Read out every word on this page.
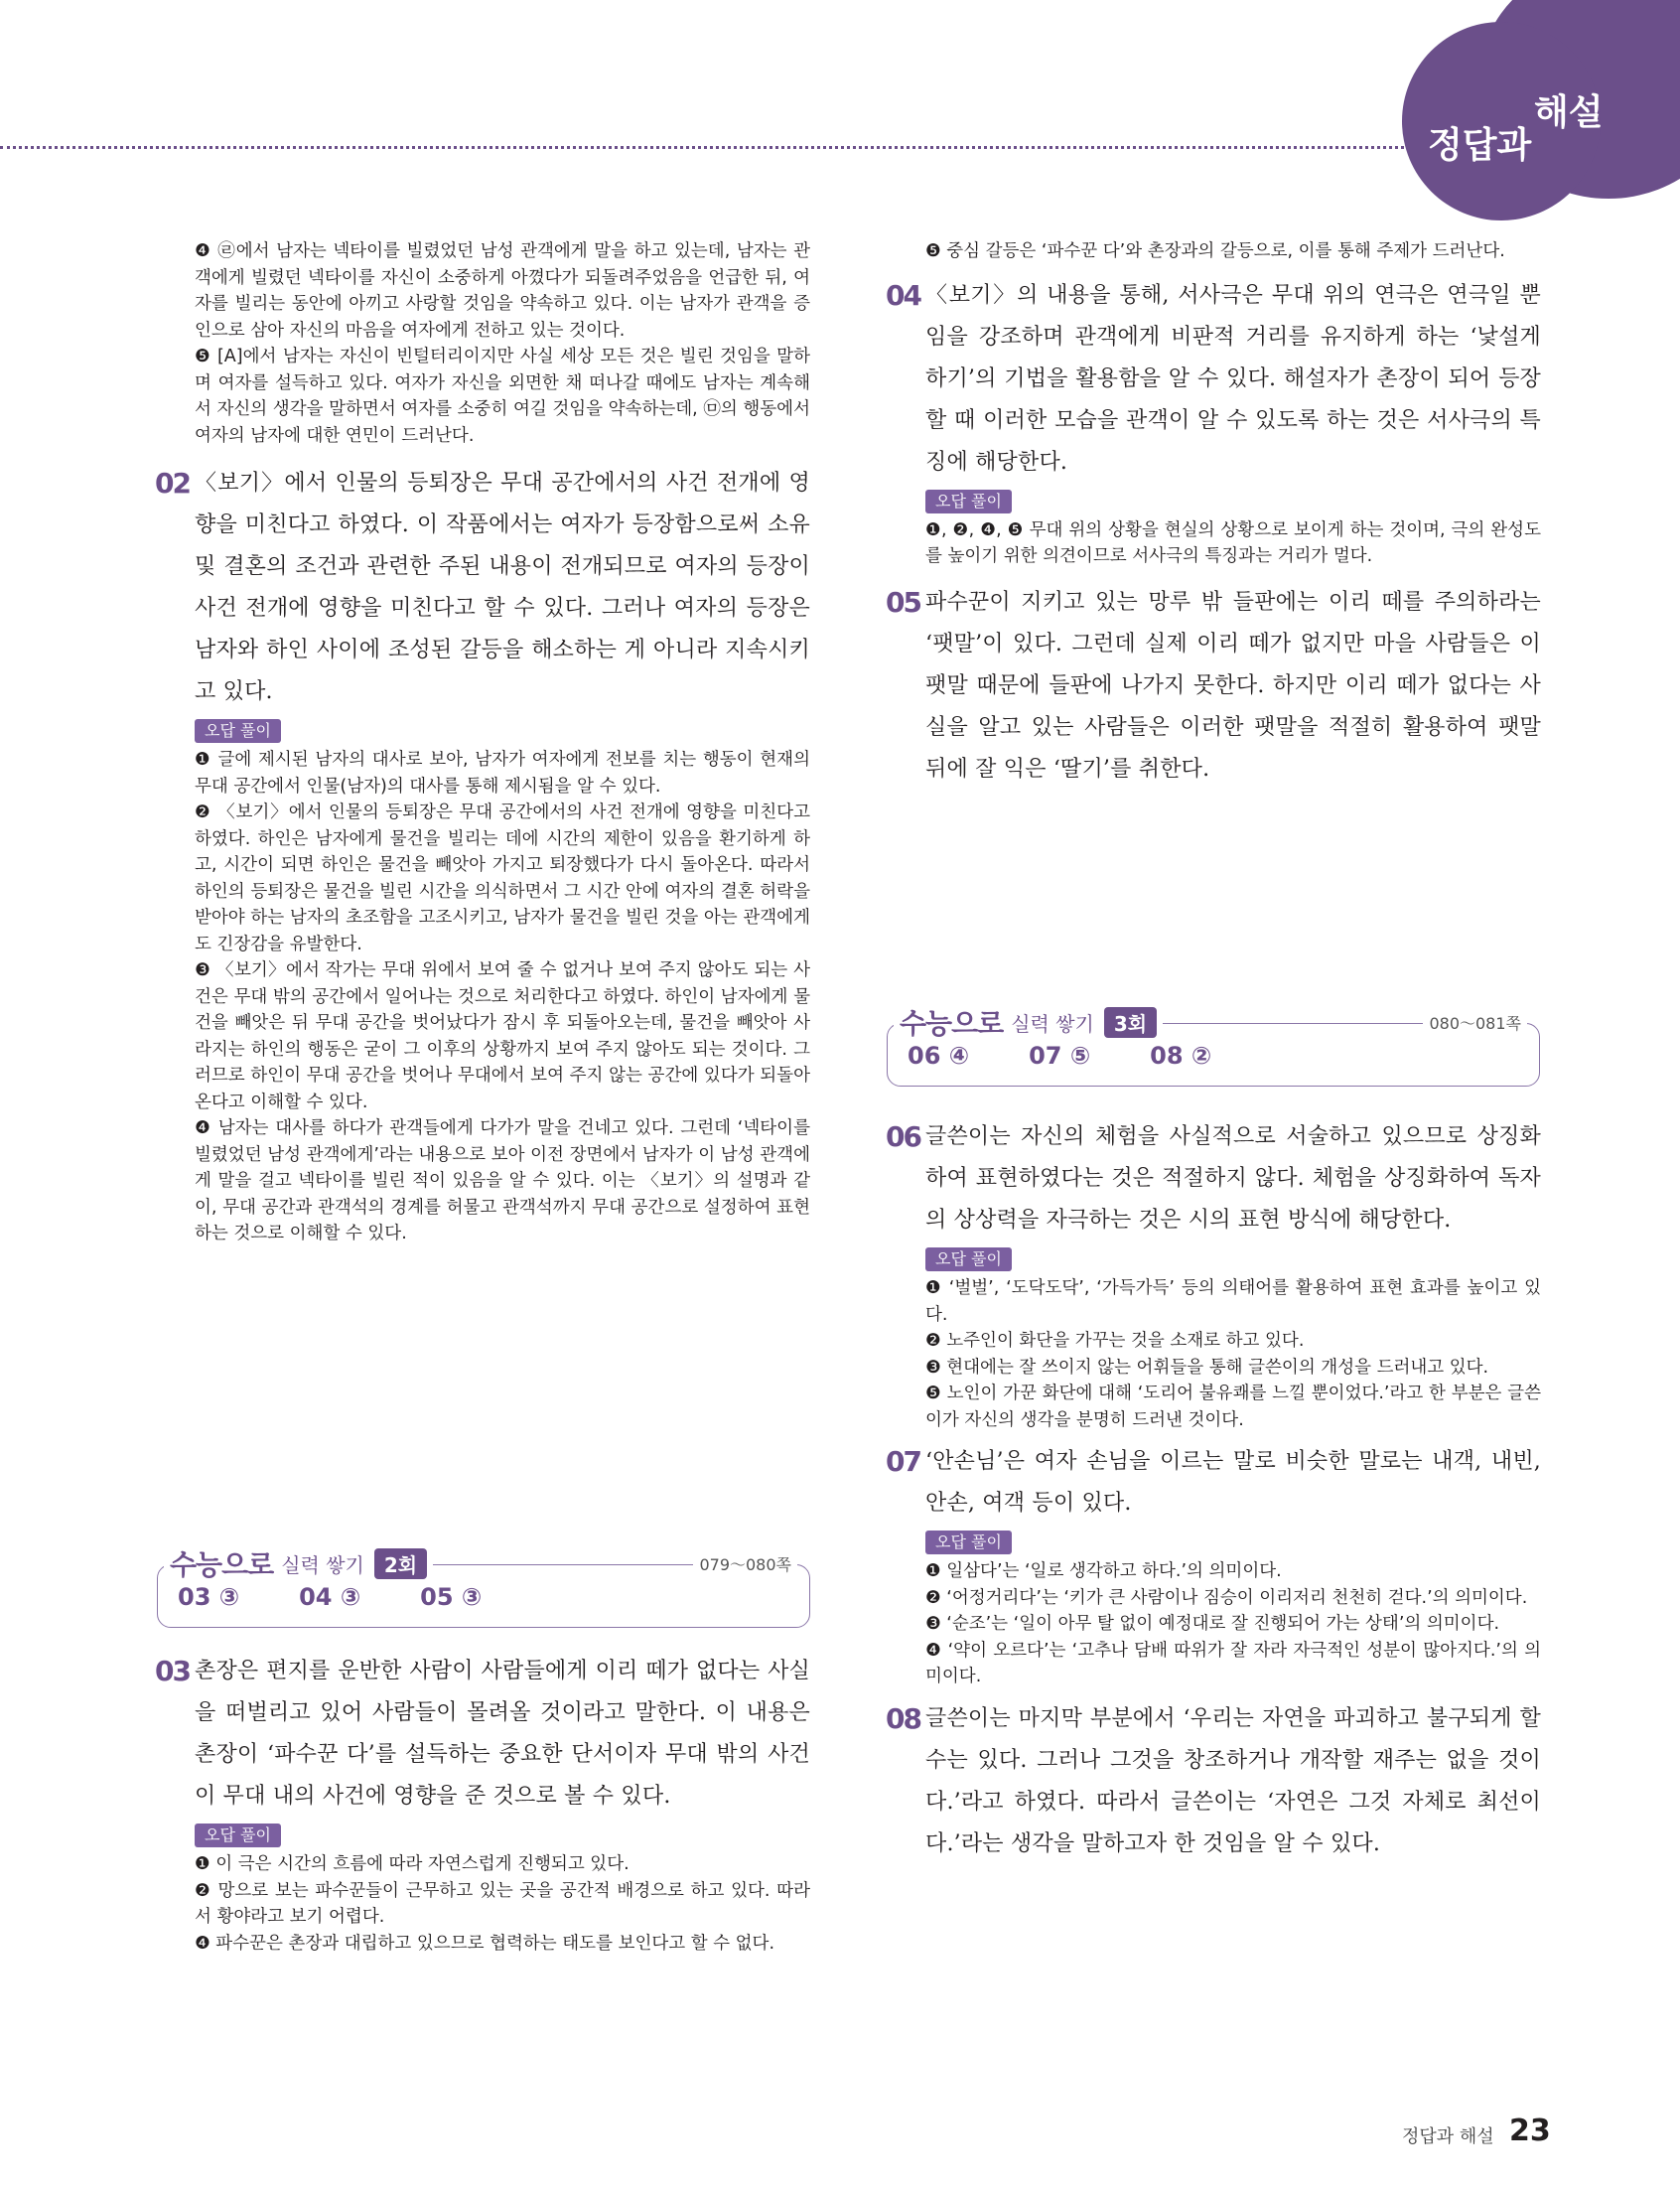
해설
정답과

❹ ㉣에서 남자는 넥타이를 빌렸었던 남성 관객에게 말을 하고 있는데, 남자는 관객에게 빌렸던 넥타이를 자신이 소중하게 아꼈다가 되돌려주었음을 언급한 뒤, 여자를 빌리는 동안에 아끼고 사랑할 것임을 약속하고 있다. 이는 남자가 관객을 증인으로 삼아 자신의 마음을 여자에게 전하고 있는 것이다.

❺ [A]에서 남자는 자신이 빈털터리이지만 사실 세상 모든 것은 빌린 것임을 말하며 여자를 설득하고 있다. 여자가 자신을 외면한 채 떠나갈 때에도 남자는 계속해서 자신의 생각을 말하면서 여자를 소중히 여길 것임을 약속하는데, ㉤의 행동에서 여자의 남자에 대한 연민이 드러난다.

02 〈보기〉에서 인물의 등퇴장은 무대 공간에서의 사건 전개에 영향을 미친다고 하였다. 이 작품에서는 여자가 등장함으로써 소유 및 결혼의 조건과 관련한 주된 내용이 전개되므로 여자의 등장이 사건 전개에 영향을 미친다고 할 수 있다. 그러나 여자의 등장은 남자와 하인 사이에 조성된 갈등을 해소하는 게 아니라 지속시키고 있다.
오답 풀이

❶ 글에 제시된 남자의 대사로 보아, 남자가 여자에게 전보를 치는 행동이 현재의 무대 공간에서 인물(남자)의 대사를 통해 제시됨을 알 수 있다.

❷ 〈보기〉에서 인물의 등퇴장은 무대 공간에서의 사건 전개에 영향을 미친다고 하였다. 하인은 남자에게 물건을 빌리는 데에 시간의 제한이 있음을 환기하게 하고, 시간이 되면 하인은 물건을 빼앗아 가지고 퇴장했다가 다시 돌아온다. 따라서 하인의 등퇴장은 물건을 빌린 시간을 의식하면서 그 시간 안에 여자의 결혼 허락을 받아야 하는 남자의 초조함을 고조시키고, 남자가 물건을 빌린 것을 아는 관객에게도 긴장감을 유발한다.

❸ 〈보기〉에서 작가는 무대 위에서 보여 줄 수 없거나 보여 주지 않아도 되는 사건은 무대 밖의 공간에서 일어나는 것으로 처리한다고 하였다. 하인이 남자에게 물건을 빼앗은 뒤 무대 공간을 벗어났다가 잠시 후 되돌아오는데, 물건을 빼앗아 사라지는 하인의 행동은 굳이 그 이후의 상황까지 보여 주지 않아도 되는 것이다. 그러므로 하인이 무대 공간을 벗어나 무대에서 보여 주지 않는 공간에 있다가 되돌아온다고 이해할 수 있다.

❹ 남자는 대사를 하다가 관객들에게 다가가 말을 건네고 있다. 그런데 ‘넥타이를 빌렸었던 남성 관객에게’라는 내용으로 보아 이전 장면에서 남자가 이 남성 관객에게 말을 걸고 넥타이를 빌린 적이 있음을 알 수 있다. 이는 〈보기〉의 설명과 같이, 무대 공간과 관객석의 경계를 허물고 관객석까지 무대 공간으로 설정하여 표현하는 것으로 이해할 수 있다.

수능으로 실력 쌓기	2회	079～080쪽
03 ③	04 ③	05 ③
03 촌장은 편지를 운반한 사람이 사람들에게 이리 떼가 없다는 사실을 떠벌리고 있어 사람들이 몰려올 것이라고 말한다. 이 내용은 촌장이 ‘파수꾼 다’를 설득하는 중요한 단서이자 무대 밖의 사건이 무대 내의 사건에 영향을 준 것으로 볼 수 있다.
오답 풀이

❶ 이 극은 시간의 흐름에 따라 자연스럽게 진행되고 있다.

❷ 망으로 보는 파수꾼들이 근무하고 있는 곳을 공간적 배경으로 하고 있다. 따라서 황야라고 보기 어렵다.

❹ 파수꾼은 촌장과 대립하고 있으므로 협력하는 태도를 보인다고 할 수 없다.

❺ 중심 갈등은 ‘파수꾼 다’와 촌장과의 갈등으로, 이를 통해 주제가 드러난다.

04 〈보기〉의 내용을 통해, 서사극은 무대 위의 연극은 연극일 뿐임을 강조하며 관객에게 비판적 거리를 유지하게 하는 ‘낯설게 하기’의 기법을 활용함을 알 수 있다. 해설자가 촌장이 되어 등장할 때 이러한 모습을 관객이 알 수 있도록 하는 것은 서사극의 특징에 해당한다.
오답 풀이

❶, ❷, ❹, ❺ 무대 위의 상황을 현실의 상황으로 보이게 하는 것이며, 극의 완성도를 높이기 위한 의견이므로 서사극의 특징과는 거리가 멀다.

05 파수꾼이 지키고 있는 망루 밖 들판에는 이리 떼를 주의하라는 ‘팻말’이 있다. 그런데 실제 이리 떼가 없지만 마을 사람들은 이 팻말 때문에 들판에 나가지 못한다. 하지만 이리 떼가 없다는 사실을 알고 있는 사람들은 이러한 팻말을 적절히 활용하여 팻말 뒤에 잘 익은 ‘딸기’를 취한다.
수능으로 실력 쌓기	3회	080～081쪽
06 ④	07 ⑤	08 ②
06 글쓴이는 자신의 체험을 사실적으로 서술하고 있으므로 상징화하여 표현하였다는 것은 적절하지 않다. 체험을 상징화하여 독자의 상상력을 자극하는 것은 시의 표현 방식에 해당한다.
오답 풀이

❶ ‘벌벌’, ‘도닥도닥’, ‘가득가득’ 등의 의태어를 활용하여 표현 효과를 높이고 있다.

❷ 노주인이 화단을 가꾸는 것을 소재로 하고 있다.

❸ 현대에는 잘 쓰이지 않는 어휘들을 통해 글쓴이의 개성을 드러내고 있다.

❺ 노인이 가꾼 화단에 대해 ‘도리어 불유쾌를 느낄 뿐이었다.’라고 한 부분은 글쓴이가 자신의 생각을 분명히 드러낸 것이다.

07 ‘안손님’은 여자 손님을 이르는 말로 비슷한 말로는 내객, 내빈, 안손, 여객 등이 있다.
오답 풀이

❶ 일삼다’는 ‘일로 생각하고 하다.’의 의미이다.

❷ ‘어정거리다’는 ‘키가 큰 사람이나 짐승이 이리저리 천천히 걷다.’의 의미이다.

❸ ‘순조’는 ‘일이 아무 탈 없이 예정대로 잘 진행되어 가는 상태’의 의미이다.

❹ ‘약이 오르다’는 ‘고추나 담배 따위가 잘 자라 자극적인 성분이 많아지다.’의 의미이다.

08 글쓴이는 마지막 부분에서 ‘우리는 자연을 파괴하고 불구되게 할 수는 있다. 그러나 그것을 창조하거나 개작할 재주는 없을 것이다.’라고 하였다. 따라서 글쓴이는 ‘자연은 그것 자체로 최선이다.’라는 생각을 말하고자 한 것임을 알 수 있다.
정답과 해설 23
